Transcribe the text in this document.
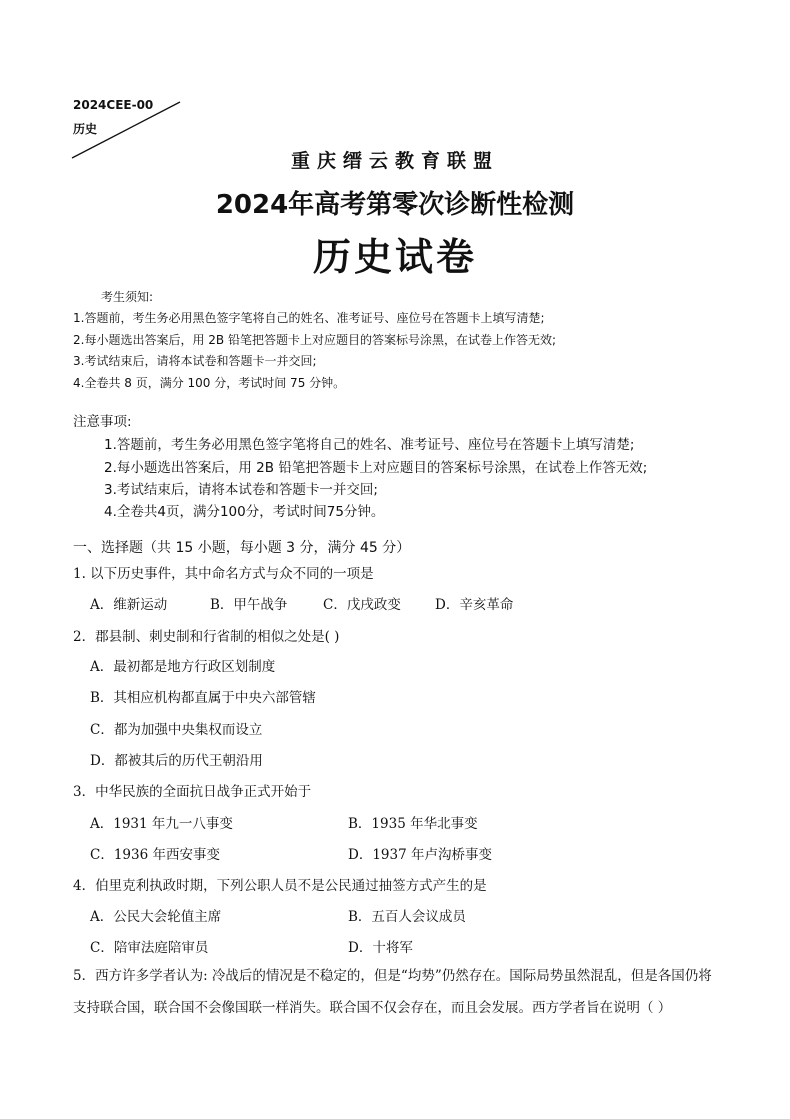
2024CEE-00
历史
重庆缙云教育联盟
2024年高考第零次诊断性检测
历史试卷
考生须知:
1.答题前，考生务必用黑色签字笔将自己的姓名、准考证号、座位号在答题卡上填写清楚;
2.每小题选出答案后，用 2B 铅笔把答题卡上对应题目的答案标号涂黑，在试卷上作答无效;
3.考试结束后，请将本试卷和答题卡一并交回;
4.全卷共 8 页，满分 100 分，考试时间 75 分钟。
注意事项:
1.答题前，考生务必用黑色签字笔将自己的姓名、准考证号、座位号在答题卡上填写清楚;
2.每小题选出答案后，用 2B 铅笔把答题卡上对应题目的答案标号涂黑，在试卷上作答无效;
3.考试结束后，请将本试卷和答题卡一并交回;
4.全卷共4页，满分100分，考试时间75分钟。
一、选择题（共 15 小题，每小题 3 分，满分 45 分）
1. 以下历史事件，其中命名方式与众不同的一项是
A．维新运动	B．甲午战争	C．戊戌政变	D．辛亥革命
2．郡县制、刺史制和行省制的相似之处是( )
A．最初都是地方行政区划制度
B．其相应机构都直属于中央六部管辖
C．都为加强中央集权而设立
D．都被其后的历代王朝沿用
3．中华民族的全面抗日战争正式开始于
A．1931 年九一八事变	B．1935 年华北事变
C．1936 年西安事变	D．1937 年卢沟桥事变
4．伯里克利执政时期，下列公职人员不是公民通过抽签方式产生的是
A．公民大会轮值主席	B．五百人会议成员
C．陪审法庭陪审员	D．十将军
5．西方许多学者认为: 冷战后的情况是不稳定的，但是“均势”仍然存在。国际局势虽然混乱，但是各国仍将支持联合国，联合国不会像国联一样消失。联合国不仅会存在，而且会发展。西方学者旨在说明（ ）
